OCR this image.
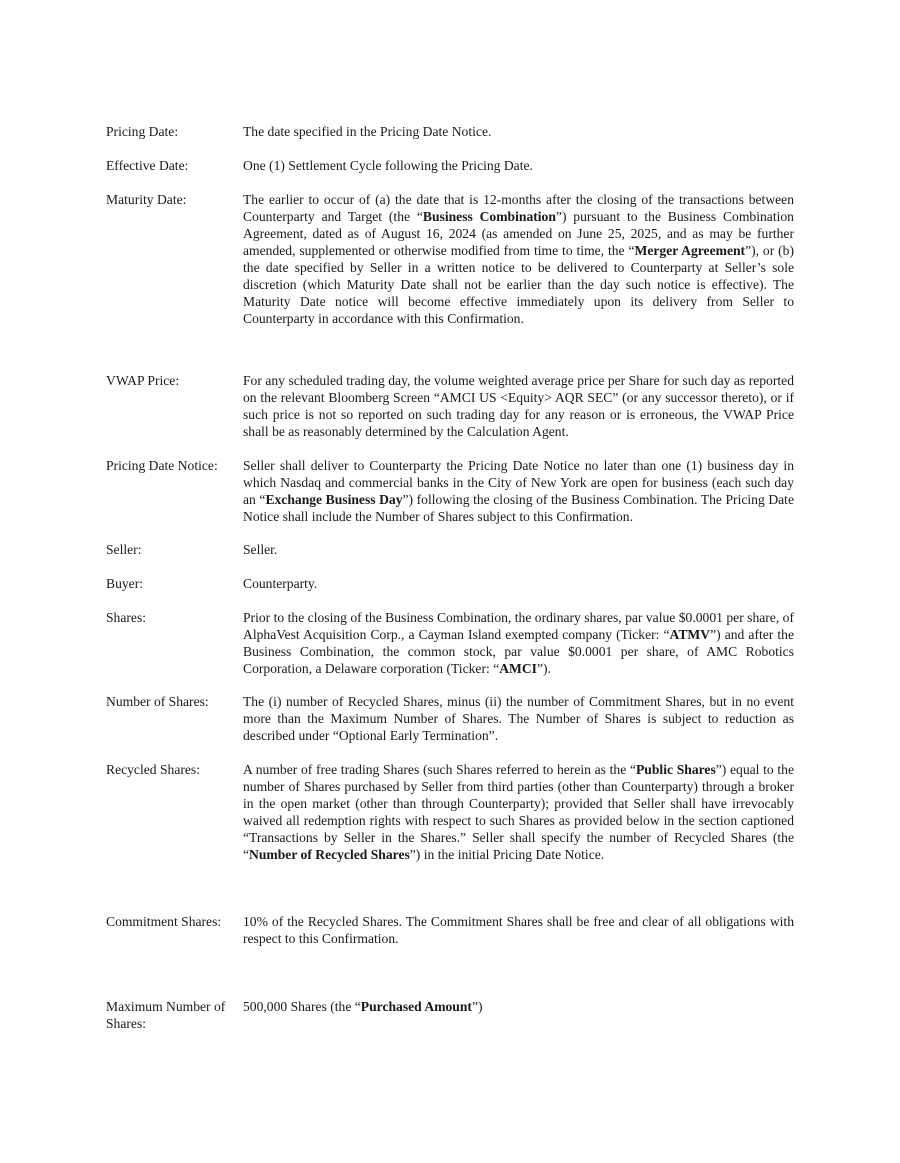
Pricing Date:	The date specified in the Pricing Date Notice.
Effective Date:	One (1) Settlement Cycle following the Pricing Date.
Maturity Date:	The earlier to occur of (a) the date that is 12-months after the closing of the transactions between Counterparty and Target (the “Business Combination”) pursuant to the Business Combination Agreement, dated as of August 16, 2024 (as amended on June 25, 2025, and as may be further amended, supplemented or otherwise modified from time to time, the “Merger Agreement”), or (b) the date specified by Seller in a written notice to be delivered to Counterparty at Seller’s sole discretion (which Maturity Date shall not be earlier than the day such notice is effective). The Maturity Date notice will become effective immediately upon its delivery from Seller to Counterparty in accordance with this Confirmation.
VWAP Price:	For any scheduled trading day, the volume weighted average price per Share for such day as reported on the relevant Bloomberg Screen “AMCI US <Equity> AQR SEC” (or any successor thereto), or if such price is not so reported on such trading day for any reason or is erroneous, the VWAP Price shall be as reasonably determined by the Calculation Agent.
Pricing Date Notice:	Seller shall deliver to Counterparty the Pricing Date Notice no later than one (1) business day in which Nasdaq and commercial banks in the City of New York are open for business (each such day an “Exchange Business Day”) following the closing of the Business Combination. The Pricing Date Notice shall include the Number of Shares subject to this Confirmation.
Seller:	Seller.
Buyer:	Counterparty.
Shares:	Prior to the closing of the Business Combination, the ordinary shares, par value $0.0001 per share, of AlphaVest Acquisition Corp., a Cayman Island exempted company (Ticker: “ATMV”) and after the Business Combination, the common stock, par value $0.0001 per share, of AMC Robotics Corporation, a Delaware corporation (Ticker: “AMCI”).
Number of Shares:	The (i) number of Recycled Shares, minus (ii) the number of Commitment Shares, but in no event more than the Maximum Number of Shares. The Number of Shares is subject to reduction as described under “Optional Early Termination”.
Recycled Shares:	A number of free trading Shares (such Shares referred to herein as the “Public Shares”) equal to the number of Shares purchased by Seller from third parties (other than Counterparty) through a broker in the open market (other than through Counterparty); provided that Seller shall have irrevocably waived all redemption rights with respect to such Shares as provided below in the section captioned “Transactions by Seller in the Shares.” Seller shall specify the number of Recycled Shares (the “Number of Recycled Shares”) in the initial Pricing Date Notice.
Commitment Shares:	10% of the Recycled Shares. The Commitment Shares shall be free and clear of all obligations with respect to this Confirmation.
Maximum Number of Shares:
500,000 Shares (the “Purchased Amount”)
